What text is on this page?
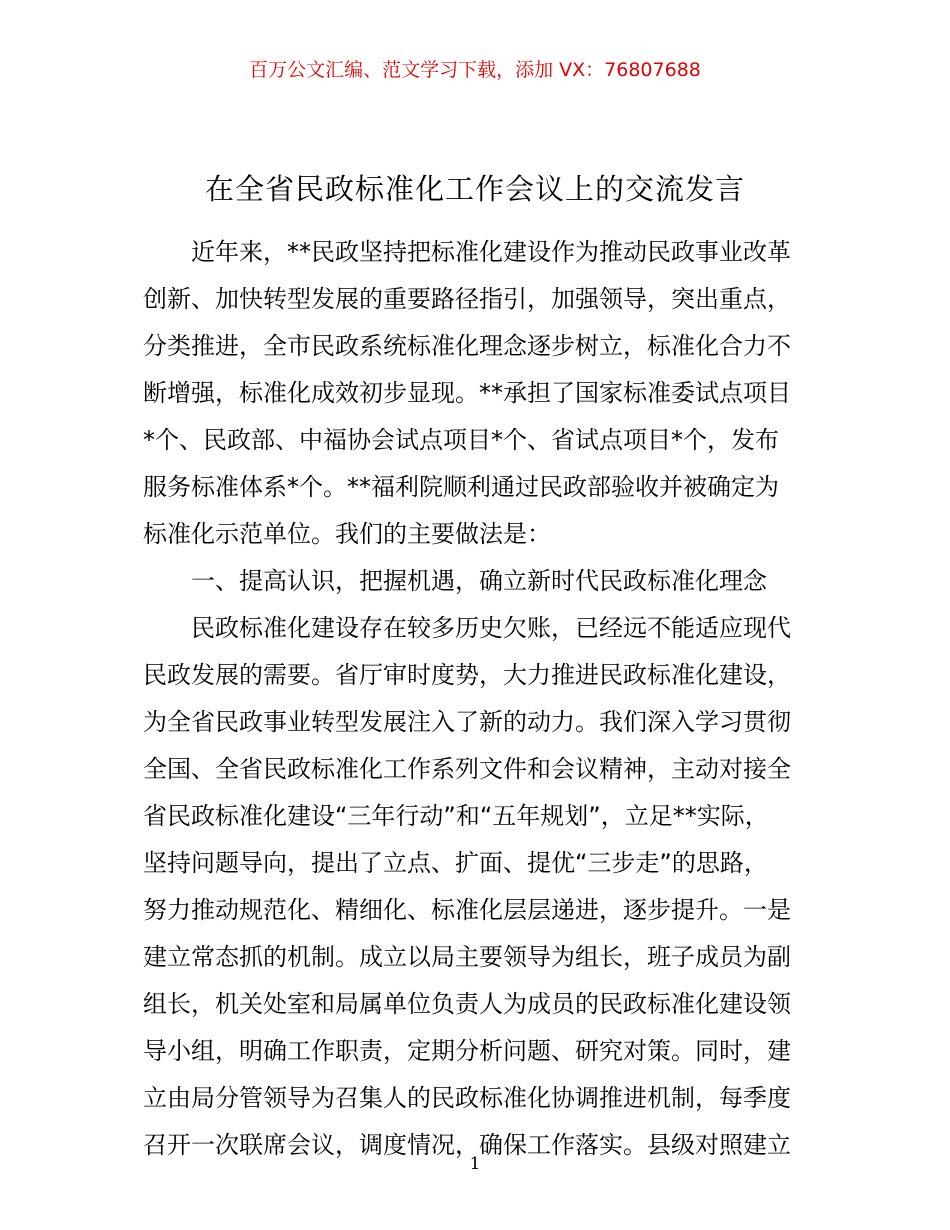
百万公文汇编、范文学习下载，添加 VX：76807688
在全省民政标准化工作会议上的交流发言
近年来，**民政坚持把标准化建设作为推动民政事业改革
创新、加快转型发展的重要路径指引，加强领导，突出重点，
分类推进，全市民政系统标准化理念逐步树立，标准化合力不
断增强，标准化成效初步显现。**承担了国家标准委试点项目
*个、民政部、中福协会试点项目*个、省试点项目*个，发布
服务标准体系*个。**福利院顺利通过民政部验收并被确定为
标准化示范单位。我们的主要做法是：
一、提高认识，把握机遇，确立新时代民政标准化理念
民政标准化建设存在较多历史欠账，已经远不能适应现代
民政发展的需要。省厅审时度势，大力推进民政标准化建设，
为全省民政事业转型发展注入了新的动力。我们深入学习贯彻
全国、全省民政标准化工作系列文件和会议精神，主动对接全
省民政标准化建设“三年行动”和“五年规划”，立足**实际，
坚持问题导向，提出了立点、扩面、提优“三步走”的思路，
努力推动规范化、精细化、标准化层层递进，逐步提升。一是
建立常态抓的机制。成立以局主要领导为组长，班子成员为副
组长，机关处室和局属单位负责人为成员的民政标准化建设领
导小组，明确工作职责，定期分析问题、研究对策。同时，建
立由局分管领导为召集人的民政标准化协调推进机制，每季度
召开一次联席会议，调度情况，确保工作落实。县级对照建立
1
